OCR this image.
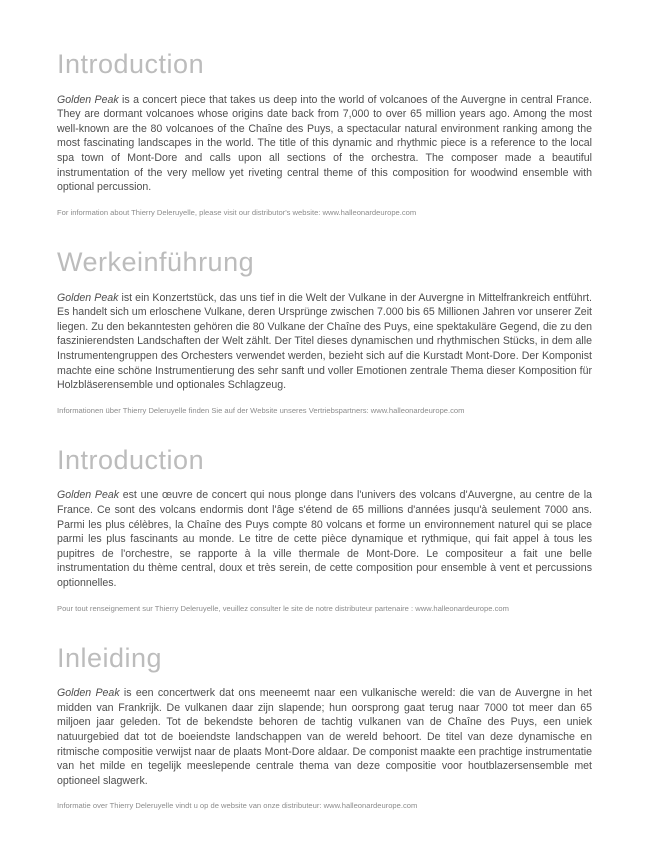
Introduction

Golden Peak is a concert piece that takes us deep into the world of volcanoes of the Auvergne in central France. They are dormant volcanoes whose origins date back from 7,000 to over 65 million years ago. Among the most well-known are the 80 volcanoes of the Chaîne des Puys, a spectacular natural environment ranking among the most fascinating landscapes in the world. The title of this dynamic and rhythmic piece is a reference to the local spa town of Mont-Dore and calls upon all sections of the orchestra. The composer made a beautiful instrumentation of the very mellow yet riveting central theme of this composition for woodwind ensemble with optional percussion.

For information about Thierry Deleruyelle, please visit our distributor's website: www.halleonardeurope.com

Werkeinführung

Golden Peak ist ein Konzertstück, das uns tief in die Welt der Vulkane in der Auvergne in Mittelfrankreich entführt. Es handelt sich um erloschene Vulkane, deren Ursprünge zwischen 7.000 bis 65 Millionen Jahren vor unserer Zeit liegen. Zu den bekanntesten gehören die 80 Vulkane der Chaîne des Puys, eine spektakuläre Gegend, die zu den faszinierendsten Landschaften der Welt zählt. Der Titel dieses dynamischen und rhythmischen Stücks, in dem alle Instrumentengruppen des Orchesters verwendet werden, bezieht sich auf die Kurstadt Mont-Dore. Der Komponist machte eine schöne Instrumentierung des sehr sanft und voller Emotionen zentrale Thema dieser Komposition für Holzbläserensemble und optionales Schlagzeug.

Informationen über Thierry Deleruyelle finden Sie auf der Website unseres Vertriebspartners: www.halleonardeurope.com

Introduction

Golden Peak est une œuvre de concert qui nous plonge dans l'univers des volcans d'Auvergne, au centre de la France. Ce sont des volcans endormis dont l'âge s'étend de 65 millions d'années jusqu'à seulement 7000 ans. Parmi les plus célèbres, la Chaîne des Puys compte 80 volcans et forme un environnement naturel qui se place parmi les plus fascinants au monde. Le titre de cette pièce dynamique et rythmique, qui fait appel à tous les pupitres de l'orchestre, se rapporte à la ville thermale de Mont-Dore. Le compositeur a fait une belle instrumentation du thème central, doux et très serein, de cette composition pour ensemble à vent et percussions optionnelles.

Pour tout renseignement sur Thierry Deleruyelle, veuillez consulter le site de notre distributeur partenaire : www.halleonardeurope.com

Inleiding

Golden Peak is een concertwerk dat ons meeneemt naar een vulkanische wereld: die van de Auvergne in het midden van Frankrijk. De vulkanen daar zijn slapende; hun oorsprong gaat terug naar 7000 tot meer dan 65 miljoen jaar geleden. Tot de bekendste behoren de tachtig vulkanen van de Chaîne des Puys, een uniek natuurgebied dat tot de boeiendste landschappen van de wereld behoort. De titel van deze dynamische en ritmische compositie verwijst naar de plaats Mont-Dore aldaar. De componist maakte een prachtige instrumentatie van het milde en tegelijk meeslepende centrale thema van deze compositie voor houtblazersensemble met optioneel slagwerk.

Informatie over Thierry Deleruyelle vindt u op de website van onze distributeur: www.halleonardeurope.com
